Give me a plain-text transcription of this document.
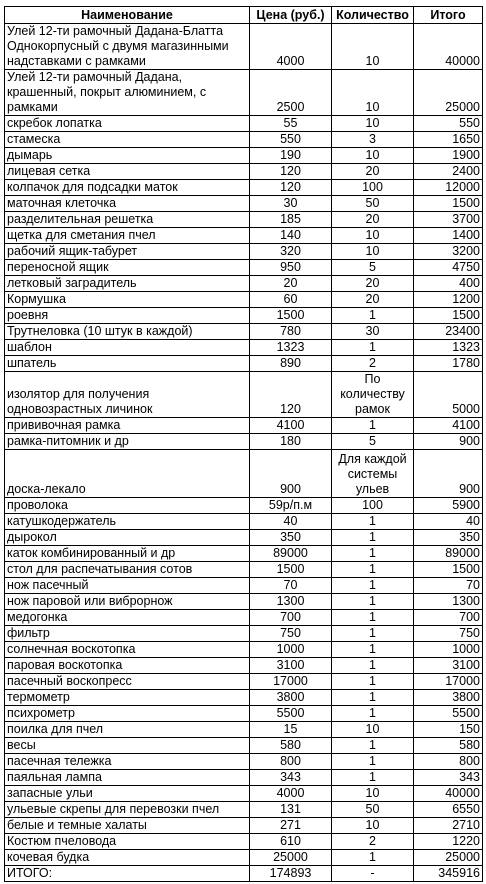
Наименование	Цена (руб.)	Количество	Итого
Улей 12-ти рамочный Дадана-Блатта Однокорпусный с двумя магазинными надставками с рамками	4000	10	40000
Улей 12-ти рамочный Дадана, крашенный, покрыт алюминием, с рамками	2500	10	25000
скребок лопатка	55	10	550
стамеска	550	3	1650
дымарь	190	10	1900
лицевая сетка	120	20	2400
колпачок для подсадки маток	120	100	12000
маточная клеточка	30	50	1500
разделительная решетка	185	20	3700
щетка для сметания пчел	140	10	1400
рабочий ящик-табурет	320	10	3200
переносной ящик	950	5	4750
летковый заградитель	20	20	400
Кормушка	60	20	1200
роевня	1500	1	1500
Трутнеловка (10 штук в каждой)	780	30	23400
шаблон	1323	1	1323
шпатель	890	2	1780
изолятор для получения одновозрастных личинок	120	По количеству рамок	5000
прививочная рамка	4100	1	4100
рамка-питомник и др	180	5	900
доска-лекало	900	Для каждой системы ульев	900
проволока	59р/п.м	100	5900
катушкодержатель	40	1	40
дырокол	350	1	350
каток комбинированный и др	89000	1	89000
стол для распечатывания сотов	1500	1	1500
нож пасечный	70	1	70
нож паровой или виброрнож	1300	1	1300
медогонка	700	1	700
фильтр	750	1	750
солнечная воскотопка	1000	1	1000
паровая воскотопка	3100	1	3100
пасечный воскопресс	17000	1	17000
термометр	3800	1	3800
психрометр	5500	1	5500
поилка для пчел	15	10	150
весы	580	1	580
пасечная тележка	800	1	800
паяльная лампа	343	1	343
запасные ульи	4000	10	40000
ульевые скрепы для перевозки пчел	131	50	6550
белые и темные халаты	271	10	2710
Костюм пчеловода	610	2	1220
кочевая будка	25000	1	25000
ИТОГО:	174893	-	345916
